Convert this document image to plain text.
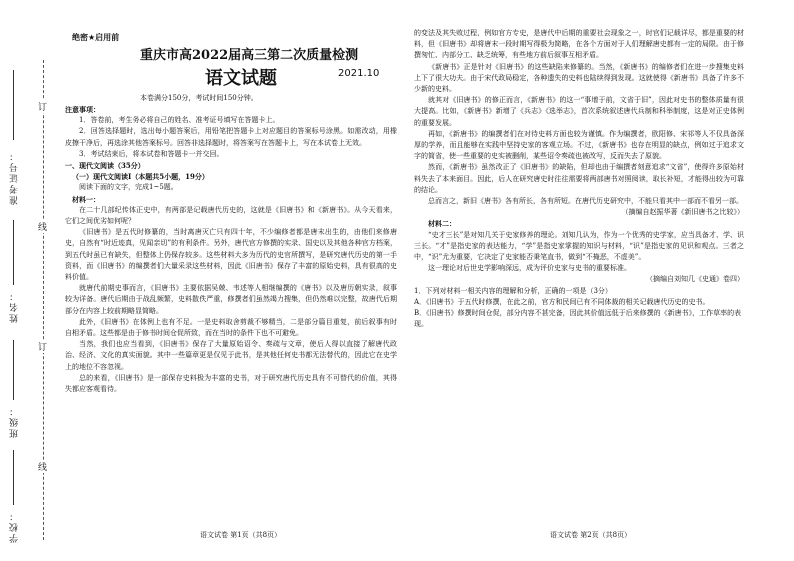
订
线
订
线
准考证号：
姓名：
班级：
学校：
绝密★启用前
重庆市高2022届高三第二次质量检测
语文试题	2021.10
本卷满分150分，考试时间150分钟。
注意事项：

1．答卷前，考生务必将自己的姓名、准考证号填写在答题卡上。

2．回答选择题时，选出每小题答案后，用铅笔把答题卡上对应题目的答案标号涂黑。如需改动，用橡皮擦干净后，再选涂其他答案标号。回答非选择题时，将答案写在答题卡上，写在本试卷上无效。

3．考试结束后，将本试卷和答题卡一并交回。

一、现代文阅读（35分）
（一）现代文阅读Ⅰ（本题共5小题，19分）

阅读下面的文字，完成1~5题。

材料一：

在二十几部纪传体正史中，有两部是记载唐代历史的，这就是《旧唐书》和《新唐书》。从今天看来，它们之间优劣如何呢？

《旧唐书》是五代时修纂的，当时离唐灭亡只有四十年，不少编修者都是唐末出生的，由他们来修唐史，自然有“时近迹真，见闻亲切”的有利条件。另外，唐代官方修撰的实录、国史以及其他各种官方档案，到五代时虽已有缺失，但整体上仍保存较多。这些材料大多为历代的史官所撰写，是研究唐代历史的第一手资料，而《旧唐书》的编撰者们大量采录这些材料，因此《旧唐书》保存了丰富的原始史料，具有很高的史料价值。

就唐代前期史事而言，《旧唐书》主要依据吴兢、韦述等人相继编撰的《唐书》以及唐历朝实录，叙事较为详备。唐代后期由于战乱频繁，史料散佚严重，修撰者们虽然竭力搜集，但仍然难以完整，故唐代后期部分在内容上较前期略显简略。

此外，《旧唐书》在体例上也有不足。一是史料取舍剪裁不够精当，二是部分篇目重复，前后叙事有时自相矛盾。这些都是由于修书时间仓促所致，而在当时的条件下也不可避免。

当然，我们也应当看到，《旧唐书》保存了大量原始诏令、奏疏与文章，使后人得以直接了解唐代政治、经济、文化的真实面貌。其中一些篇章更是仅见于此书，是其他任何史书都无法替代的，因此它在史学上的地位不容忽视。

总的来看，《旧唐书》是一部保存史料极为丰富的史书，对于研究唐代历史具有不可替代的价值，其得失都应客观看待。

的变法及其失败过程，例如官方专史，是唐代中后期的重要社会现象之一，时官们记载详尽，都是重要的材料，但《旧唐书》却将唐末一段时期写得极为简略，在各个方面对于人们理解唐史都有一定的局限。由于修撰匆忙、内部分工、缺乏统筹，有些地方前后叙事互相矛盾。

《新唐书》正是针对《旧唐书》的这些缺陷来修纂的。当然，《新唐书》的编修者们在进一步搜集史料上下了很大功夫。由于宋代政局稳定，各种遗失的史料也陆续得到发现。这就使得《新唐书》具备了许多不少新的史料。

就其对《旧唐书》的修正而言，《新唐书》的这一“事增于前，文省于旧”，因此对史书的整体质量有很大提高。比如，《新唐书》新增了《兵志》《选举志》，首次系统叙述唐代兵制和科举制度，这是对正史体例的重要发展。

再如，《新唐书》的编撰者们在对待史料方面也较为谨慎。作为编撰者，欧阳修、宋祁等人不仅具备深厚的学养，而且能够在实践中坚持史家的客观立场。不过，《新唐书》也存在明显的缺点，例如过于追求文字的简省，使一些重要的史实被删削，某些诏令奏疏也被改写，反而失去了原貌。

然而，《新唐书》虽然改正了《旧唐书》的缺陷，但却也由于编撰者刻意追求“文省”，使得许多原始材料失去了本来面目。因此，后人在研究唐史时往往需要将两部唐书对照阅读，取长补短，才能得出较为可靠的结论。

总而言之，新旧《唐书》各有所长，各有所短。在唐代历史研究中，不能只看其中一部而不看另一部。

（摘编自赵振华著《新旧唐书之比较》）
材料二：

“史才三长”是对知几关于史家修养的理论。刘知几认为，作为一个优秀的史学家，应当具备才、学、识三长。“才”是指史家的表达能力，“学”是指史家掌握的知识与材料，“识”是指史家的见识和观点。三者之中，“识”尤为重要，它决定了史家能否秉笔直书，做到“不掩恶，不虚美”。

这一理论对后世史学影响深远，成为评价史家与史书的重要标准。

（摘编自刘知几《史通》卷四）
1．下列对材料一相关内容的理解和分析，正确的一项是（3分）
A．《旧唐书》于五代时修撰，在此之前，官方和民间已有不同体裁的相关记载唐代历史的史书。
B．《旧唐书》修撰时间仓促，部分内容不甚完备，因此其价值远低于后来修撰的《新唐书》，工作草率的表现。
语文试卷 第1页（共8页）	语文试卷 第2页（共8页）
